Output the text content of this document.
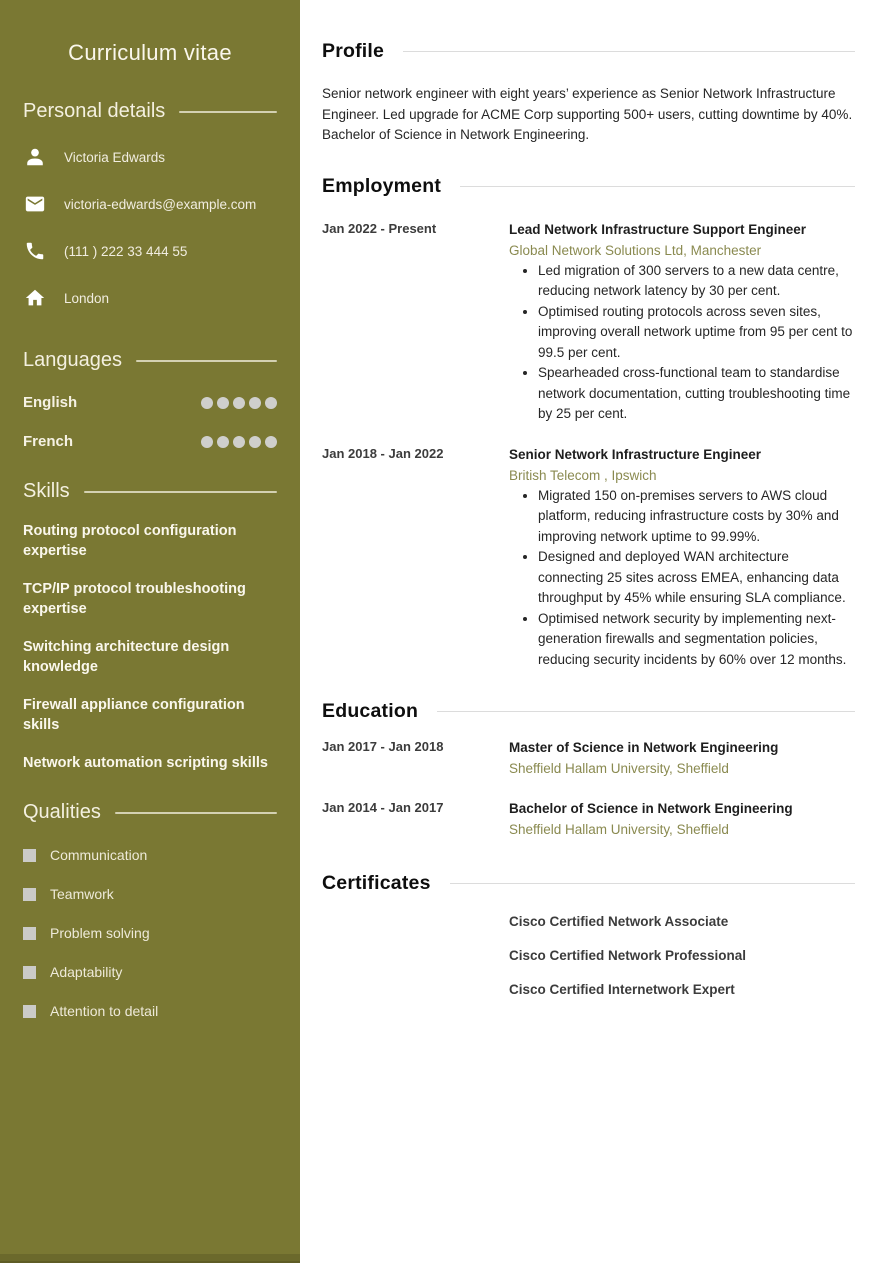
Curriculum vitae
Personal details
Victoria Edwards
victoria-edwards@example.com
(111 ) 222 33 444 55
London
Languages
English
French
Skills
Routing protocol configuration expertise
TCP/IP protocol troubleshooting expertise
Switching architecture design knowledge
Firewall appliance configuration skills
Network automation scripting skills
Qualities
Communication
Teamwork
Problem solving
Adaptability
Attention to detail
Profile

Senior network engineer with eight years’ experience as Senior Network Infrastructure Engineer. Led upgrade for ACME Corp supporting 500+ users, cutting downtime by 40%. Bachelor of Science in Network Engineering.

Employment
Jan 2022 - Present	Lead Network Infrastructure Support Engineer
Global Network Solutions Ltd, Manchester
• Led migration of 300 servers to a new data centre, reducing network latency by 30 per cent.
• Optimised routing protocols across seven sites, improving overall network uptime from 95 per cent to 99.5 per cent.
• Spearheaded cross-functional team to standardise network documentation, cutting troubleshooting time by 25 per cent.
Jan 2018 - Jan 2022	Senior Network Infrastructure Engineer
British Telecom , Ipswich
• Migrated 150 on-premises servers to AWS cloud platform, reducing infrastructure costs by 30% and improving network uptime to 99.99%.
• Designed and deployed WAN architecture connecting 25 sites across EMEA, enhancing data throughput by 45% while ensuring SLA compliance.
• Optimised network security by implementing next-generation firewalls and segmentation policies, reducing security incidents by 60% over 12 months.
Education
Jan 2017 - Jan 2018	Master of Science in Network Engineering
Sheffield Hallam University, Sheffield
Jan 2014 - Jan 2017	Bachelor of Science in Network Engineering
Sheffield Hallam University, Sheffield
Certificates
Cisco Certified Network Associate
Cisco Certified Network Professional
Cisco Certified Internetwork Expert
